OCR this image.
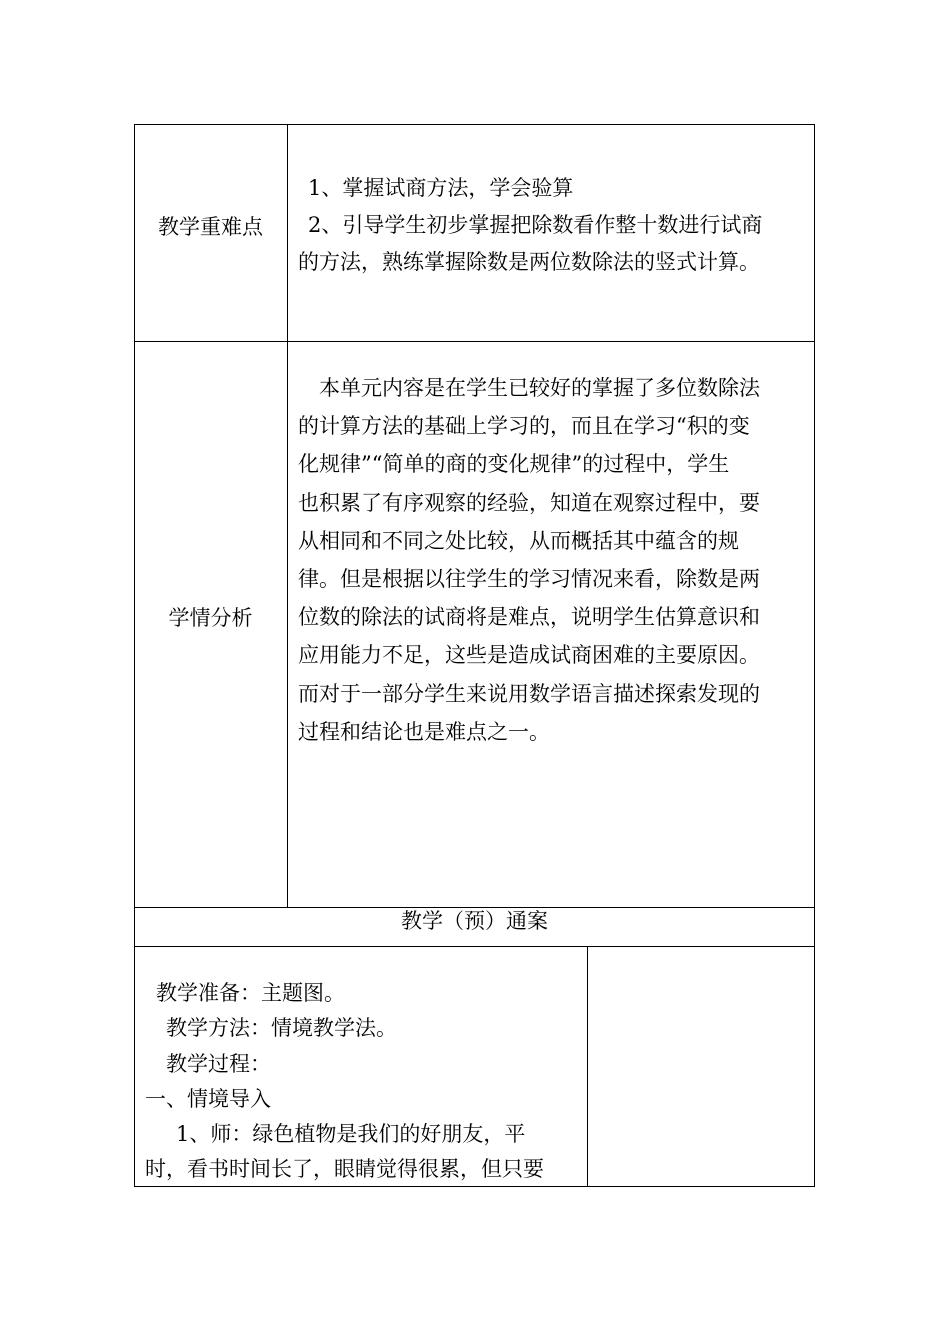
教学重难点
1、掌握试商方法，学会验算
2、引导学生初步掌握把除数看作整十数进行试商
的方法，熟练掌握除数是两位数除法的竖式计算。
学情分析
本单元内容是在学生已较好的掌握了多位数除法
的计算方法的基础上学习的，而且在学习“积的变
化规律”“简单的商的变化规律”的过程中，学生
也积累了有序观察的经验，知道在观察过程中，要
从相同和不同之处比较，从而概括其中蕴含的规
律。但是根据以往学生的学习情况来看，除数是两
位数的除法的试商将是难点，说明学生估算意识和
应用能力不足，这些是造成试商困难的主要原因。
而对于一部分学生来说用数学语言描述探索发现的
过程和结论也是难点之一。
教学（预）通案
教学准备：主题图。
教学方法：情境教学法。
教学过程：
一、情境导入
1、师：绿色植物是我们的好朋友，平
时，看书时间长了，眼睛觉得很累，但只要
